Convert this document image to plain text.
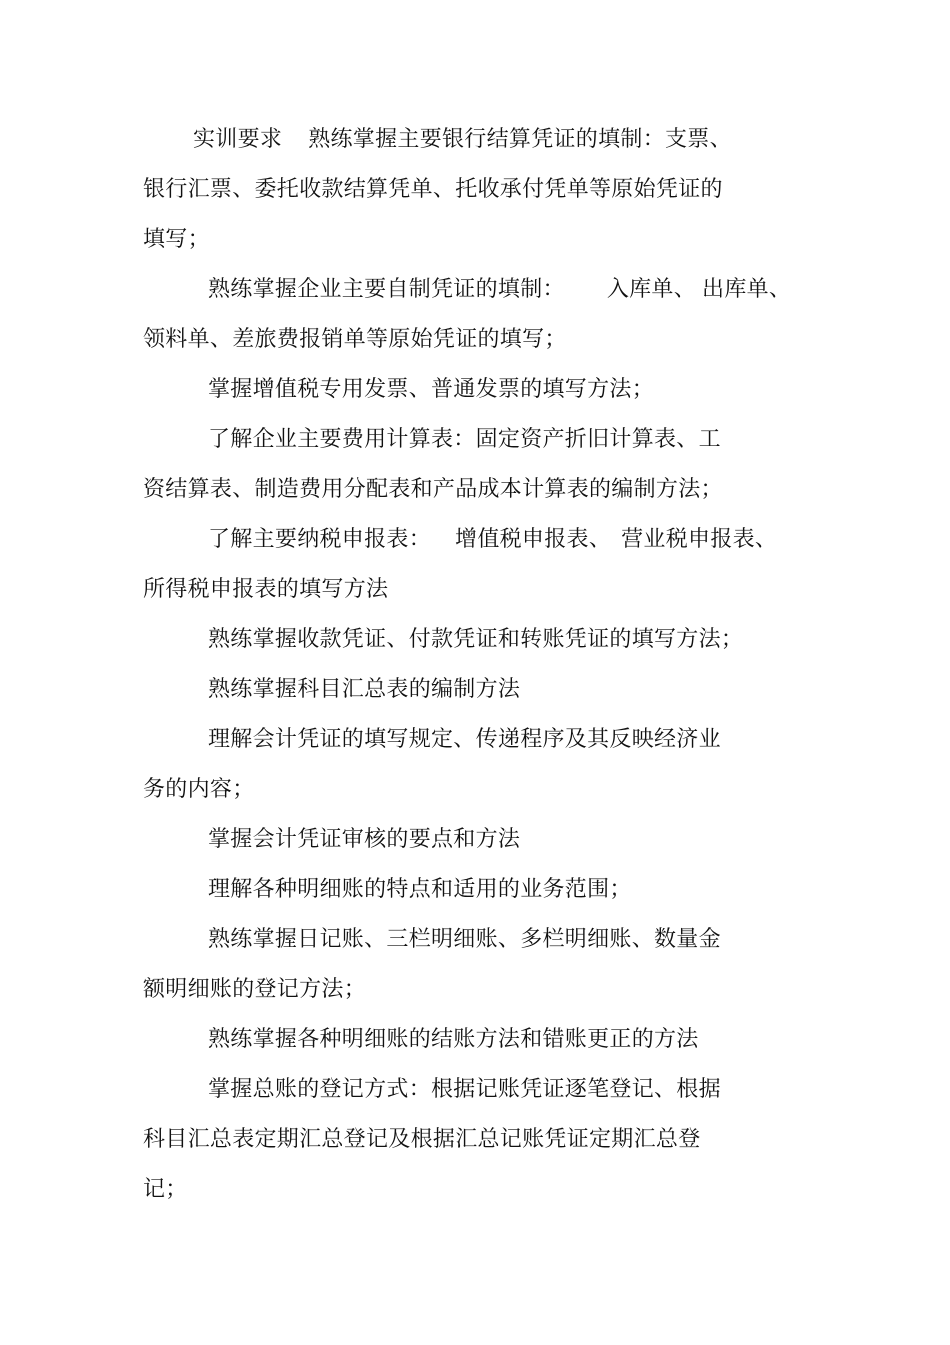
实训要求 熟练掌握主要银行结算凭证的填制：支票、
银行汇票、委托收款结算凭单、托收承付凭单等原始凭证的
填写；
熟练掌握企业主要自制凭证的填制： 入库单、 出库单、
领料单、差旅费报销单等原始凭证的填写；
掌握增值税专用发票、普通发票的填写方法；
了解企业主要费用计算表：固定资产折旧计算表、工
资结算表、制造费用分配表和产品成本计算表的编制方法；
了解主要纳税申报表： 增值税申报表、 营业税申报表、
所得税申报表的填写方法
熟练掌握收款凭证、付款凭证和转账凭证的填写方法；
熟练掌握科目汇总表的编制方法
理解会计凭证的填写规定、传递程序及其反映经济业
务的内容；
掌握会计凭证审核的要点和方法
理解各种明细账的特点和适用的业务范围；
熟练掌握日记账、三栏明细账、多栏明细账、数量金
额明细账的登记方法；
熟练掌握各种明细账的结账方法和错账更正的方法
掌握总账的登记方式：根据记账凭证逐笔登记、根据
科目汇总表定期汇总登记及根据汇总记账凭证定期汇总登
记；
